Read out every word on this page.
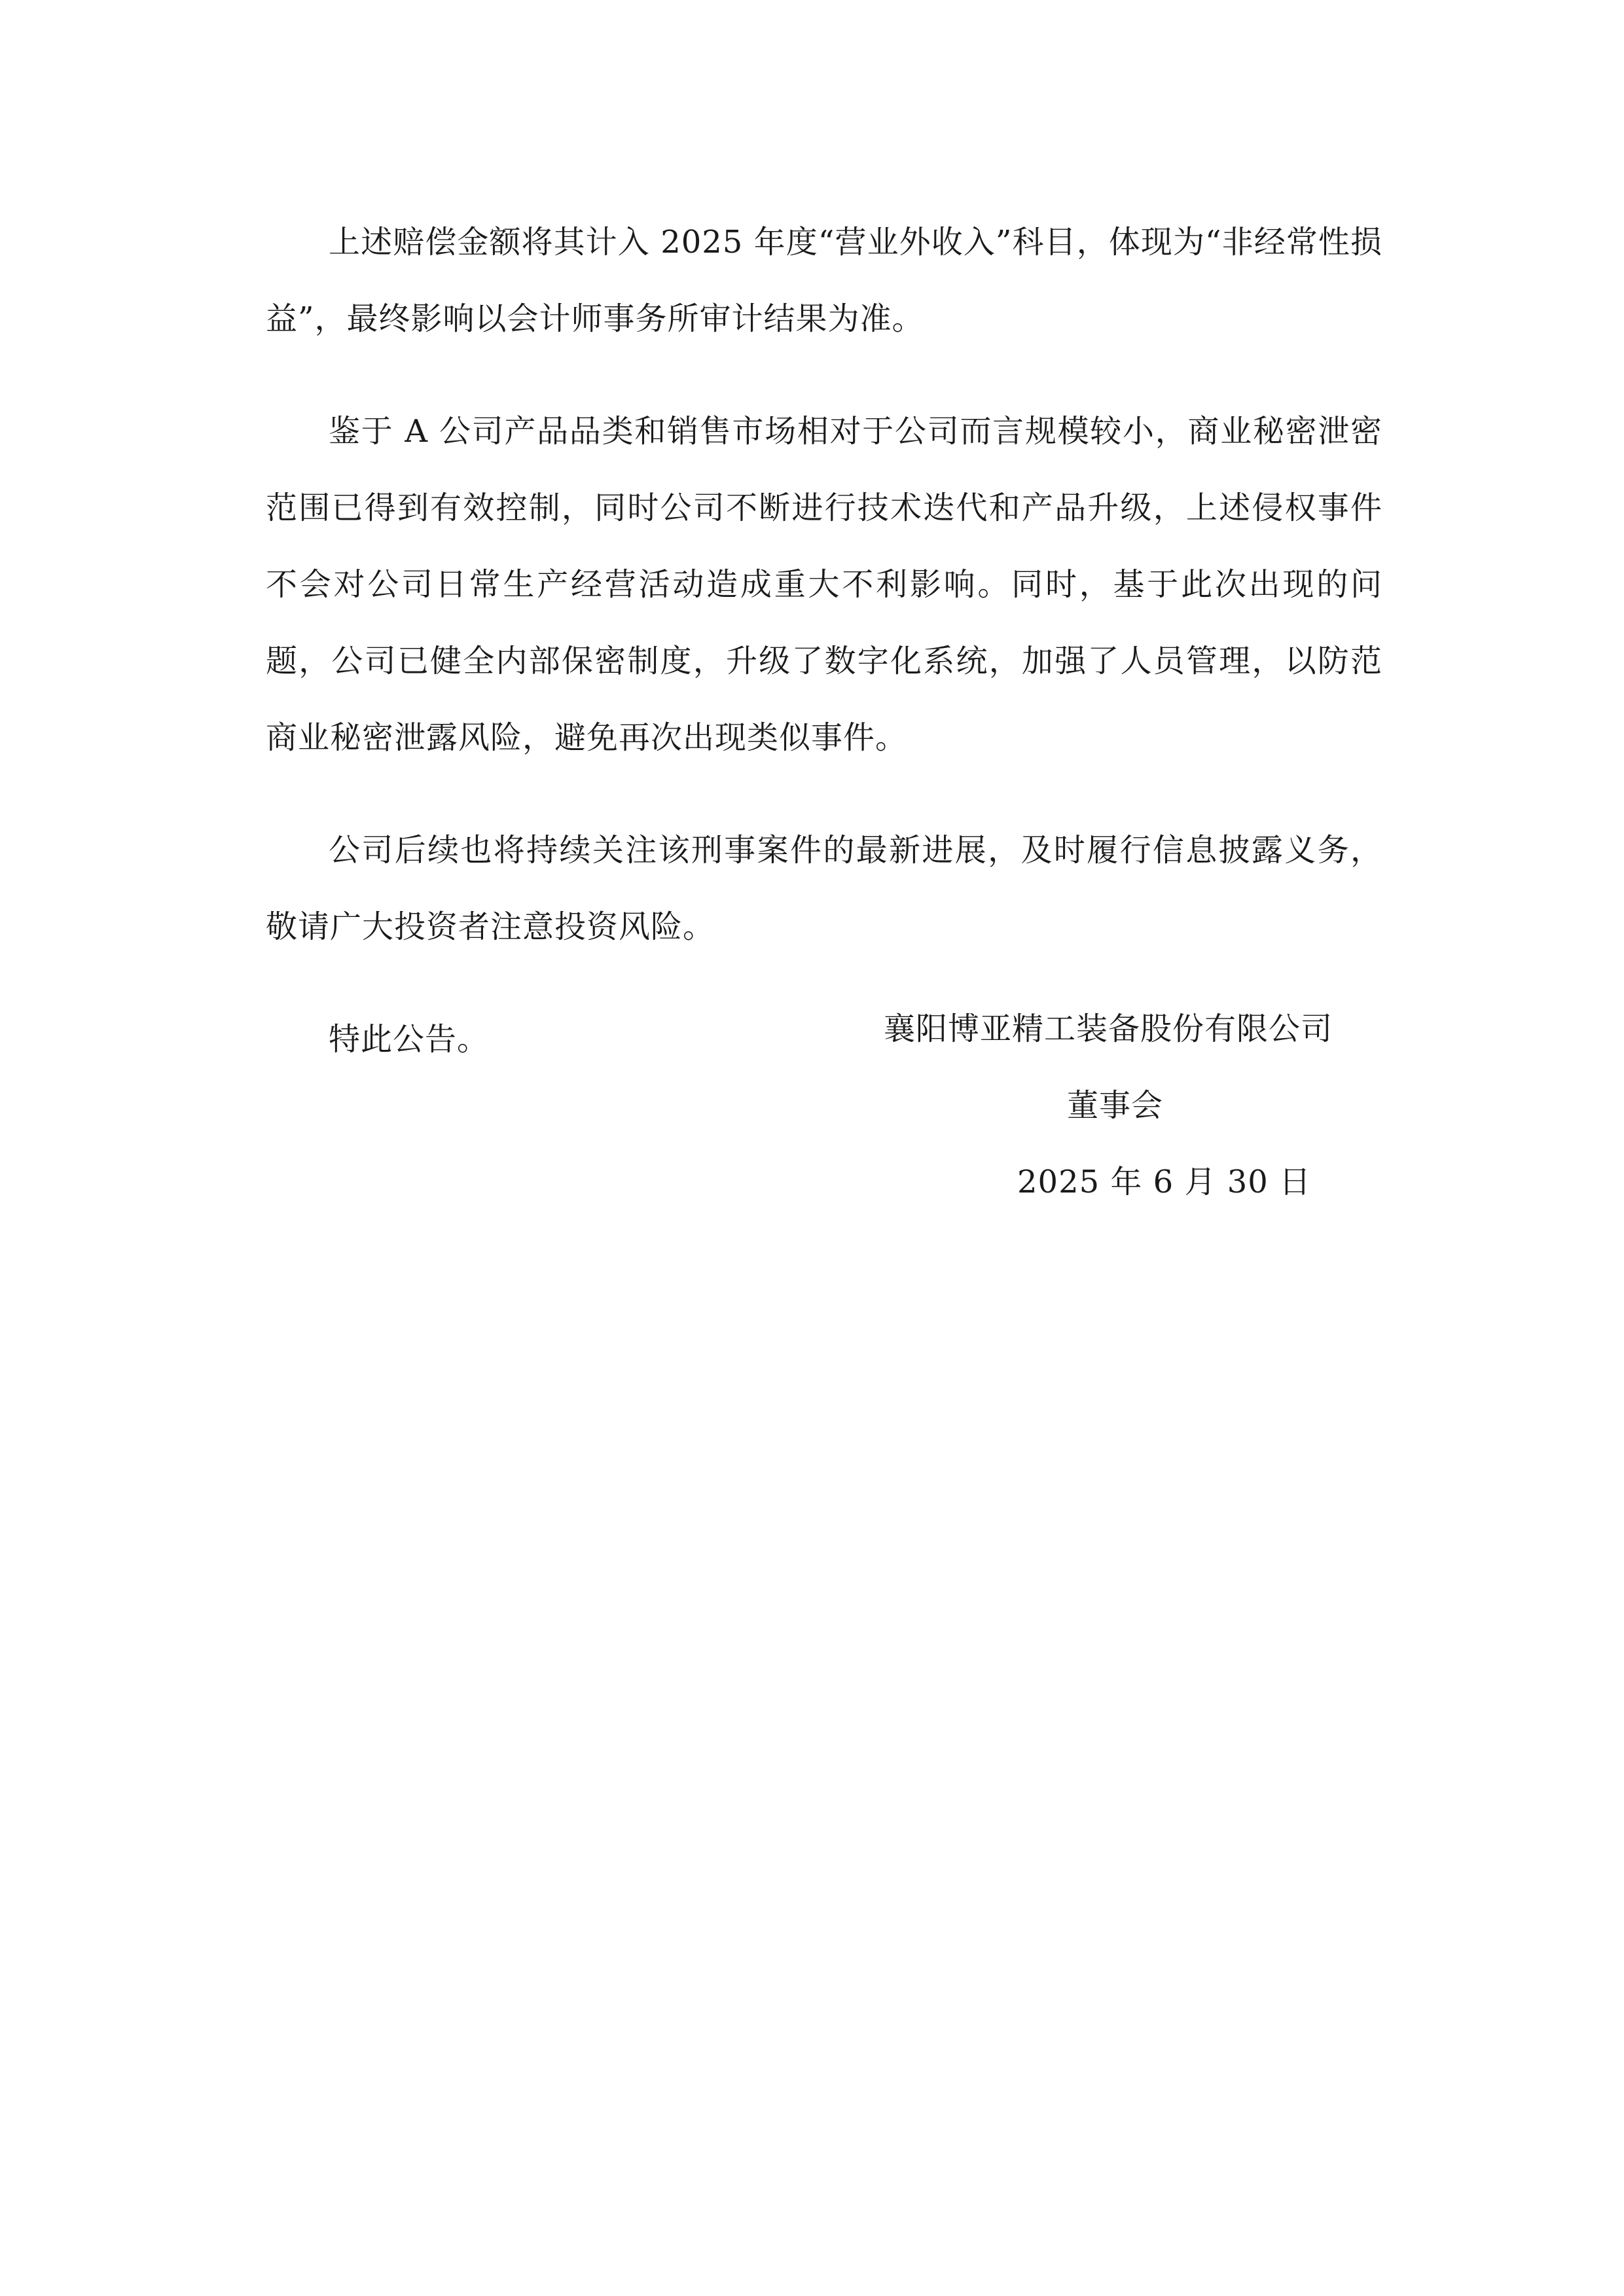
上述赔偿金额将其计入 2025 年度“营业外收入”科目，体现为“非经常性损益”，最终影响以会计师事务所审计结果为准。

鉴于 A 公司产品品类和销售市场相对于公司而言规模较小，商业秘密泄密范围已得到有效控制，同时公司不断进行技术迭代和产品升级，上述侵权事件不会对公司日常生产经营活动造成重大不利影响。同时，基于此次出现的问题，公司已健全内部保密制度，升级了数字化系统，加强了人员管理，以防范商业秘密泄露风险，避免再次出现类似事件。

公司后续也将持续关注该刑事案件的最新进展，及时履行信息披露义务，敬请广大投资者注意投资风险。

特此公告。	襄阳博亚精工装备股份有限公司
董事会
2025 年 6 月 30 日
